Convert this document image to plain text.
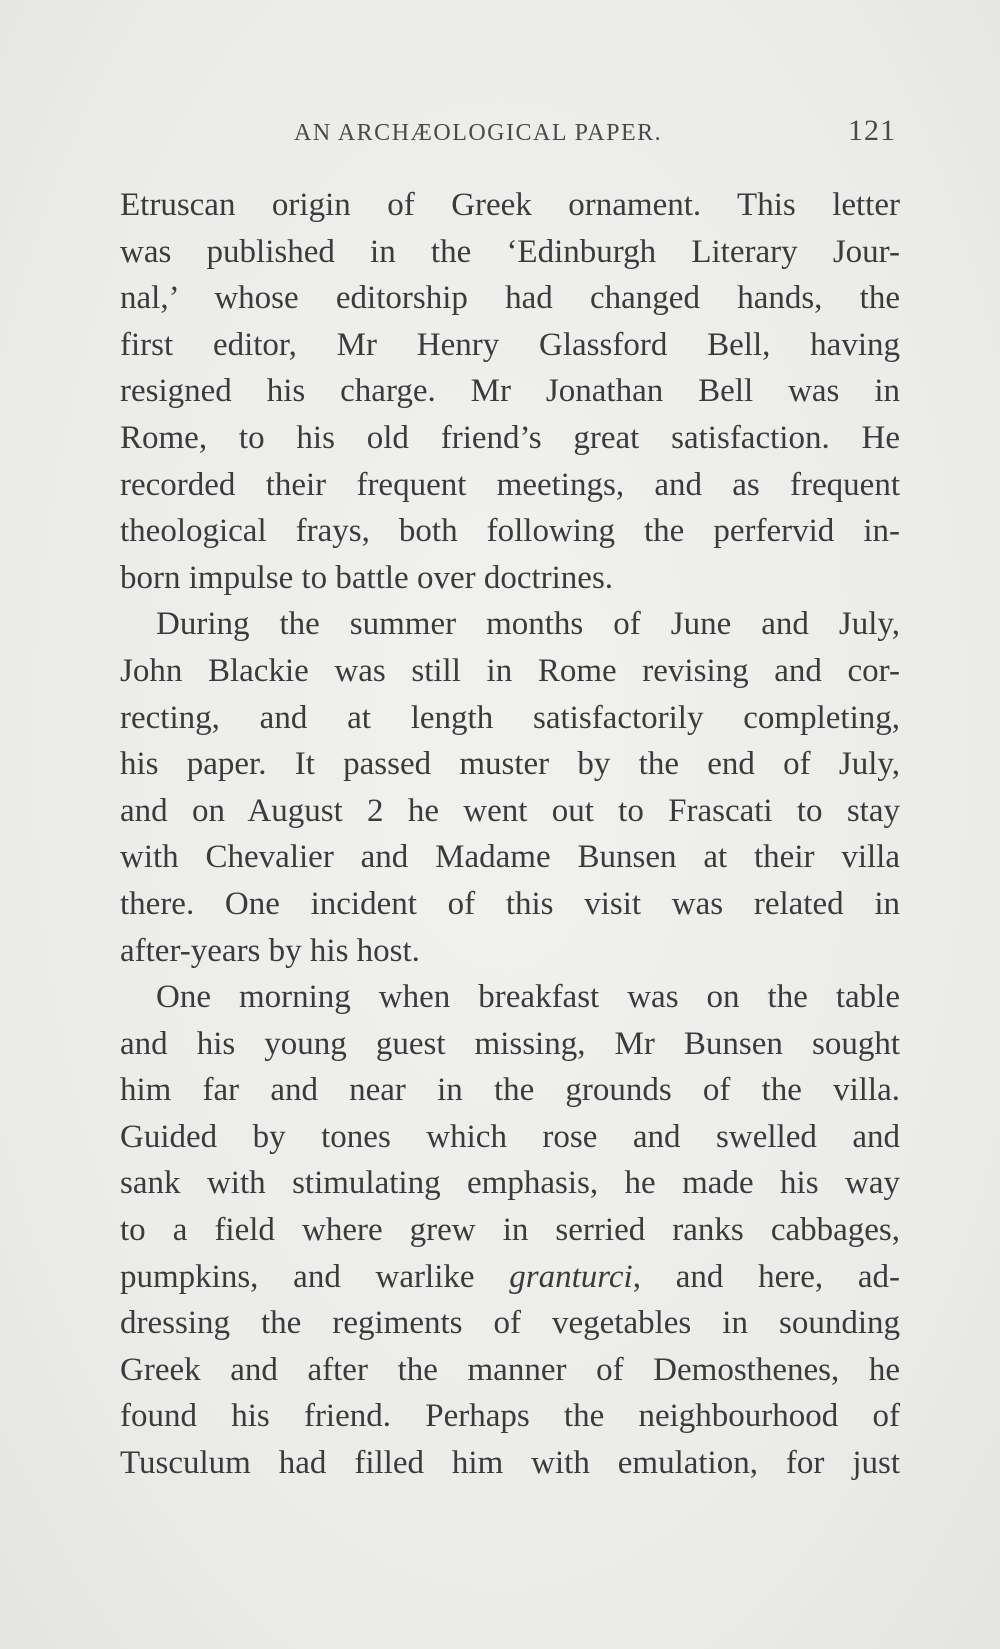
AN ARCHÆOLOGICAL PAPER.	121
Etruscan origin of Greek ornament. This letter
was published in the ‘Edinburgh Literary Jour-
nal,’ whose editorship had changed hands, the
first editor, Mr Henry Glassford Bell, having
resigned his charge. Mr Jonathan Bell was in
Rome, to his old friend’s great satisfaction. He
recorded their frequent meetings, and as frequent
theological frays, both following the perfervid in-
born impulse to battle over doctrines.
During the summer months of June and July,
John Blackie was still in Rome revising and cor-
recting, and at length satisfactorily completing,
his paper. It passed muster by the end of July,
and on August 2 he went out to Frascati to stay
with Chevalier and Madame Bunsen at their villa
there. One incident of this visit was related in
after-years by his host.
One morning when breakfast was on the table
and his young guest missing, Mr Bunsen sought
him far and near in the grounds of the villa.
Guided by tones which rose and swelled and
sank with stimulating emphasis, he made his way
to a field where grew in serried ranks cabbages,
pumpkins, and warlike granturci, and here, ad-
dressing the regiments of vegetables in sounding
Greek and after the manner of Demosthenes, he
found his friend. Perhaps the neighbourhood of
Tusculum had filled him with emulation, for just
